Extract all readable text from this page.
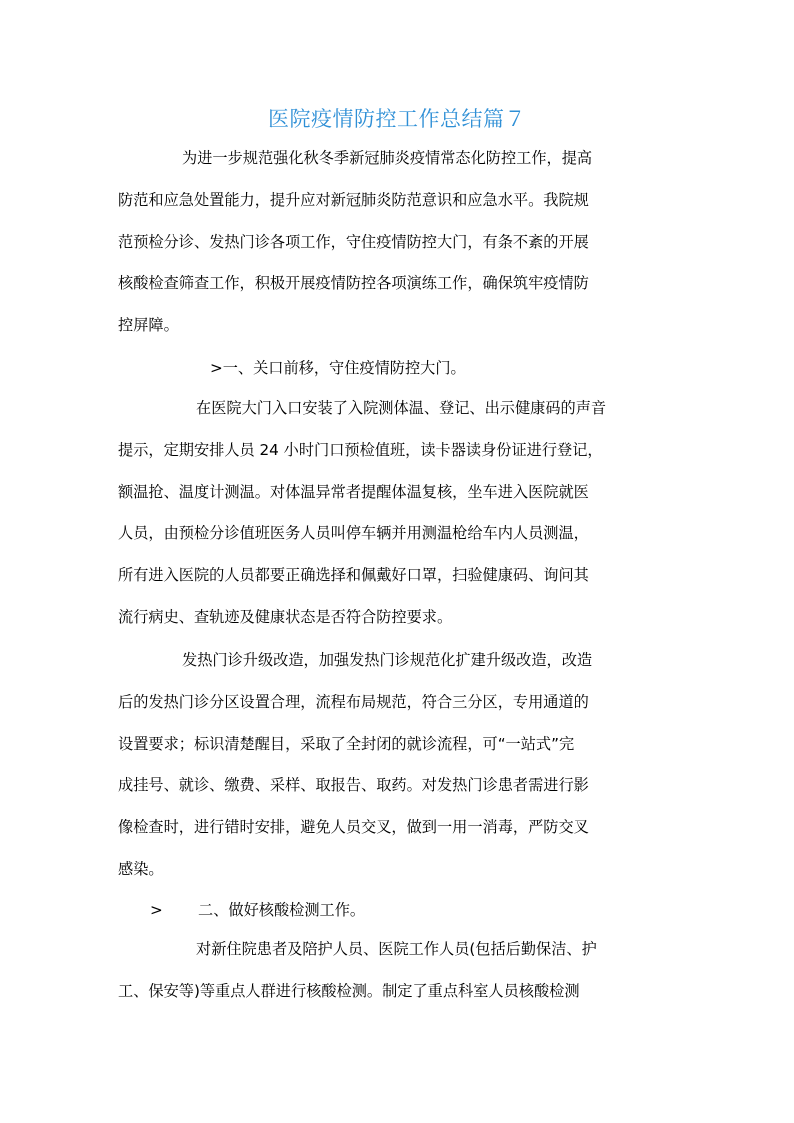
医院疫情防控工作总结篇７
为进一步规范强化秋冬季新冠肺炎疫情常态化防控工作，提高
防范和应急处置能力，提升应对新冠肺炎防范意识和应急水平。我院规
范预检分诊、发热门诊各项工作，守住疫情防控大门，有条不紊的开展
核酸检查筛查工作，积极开展疫情防控各项演练工作，确保筑牢疫情防
控屏障。
>一、关口前移，守住疫情防控大门。
在医院大门入口安装了入院测体温、登记、出示健康码的声音
提示，定期安排人员 24 小时门口预检值班，读卡器读身份证进行登记，
额温抢、温度计测温。对体温异常者提醒体温复核，坐车进入医院就医
人员，由预检分诊值班医务人员叫停车辆并用测温枪给车内人员测温，
所有进入医院的人员都要正确选择和佩戴好口罩，扫验健康码、询问其
流行病史、查轨迹及健康状态是否符合防控要求。
发热门诊升级改造，加强发热门诊规范化扩建升级改造，改造
后的发热门诊分区设置合理，流程布局规范，符合三分区，专用通道的
设置要求；标识清楚醒目，采取了全封闭的就诊流程，可“一站式”完
成挂号、就诊、缴费、采样、取报告、取药。对发热门诊患者需进行影
像检查时，进行错时安排，避免人员交叉，做到一用一消毒，严防交叉
感染。
> 二、做好核酸检测工作。
对新住院患者及陪护人员、医院工作人员(包括后勤保洁、护
工、保安等)等重点人群进行核酸检测。制定了重点科室人员核酸检测
